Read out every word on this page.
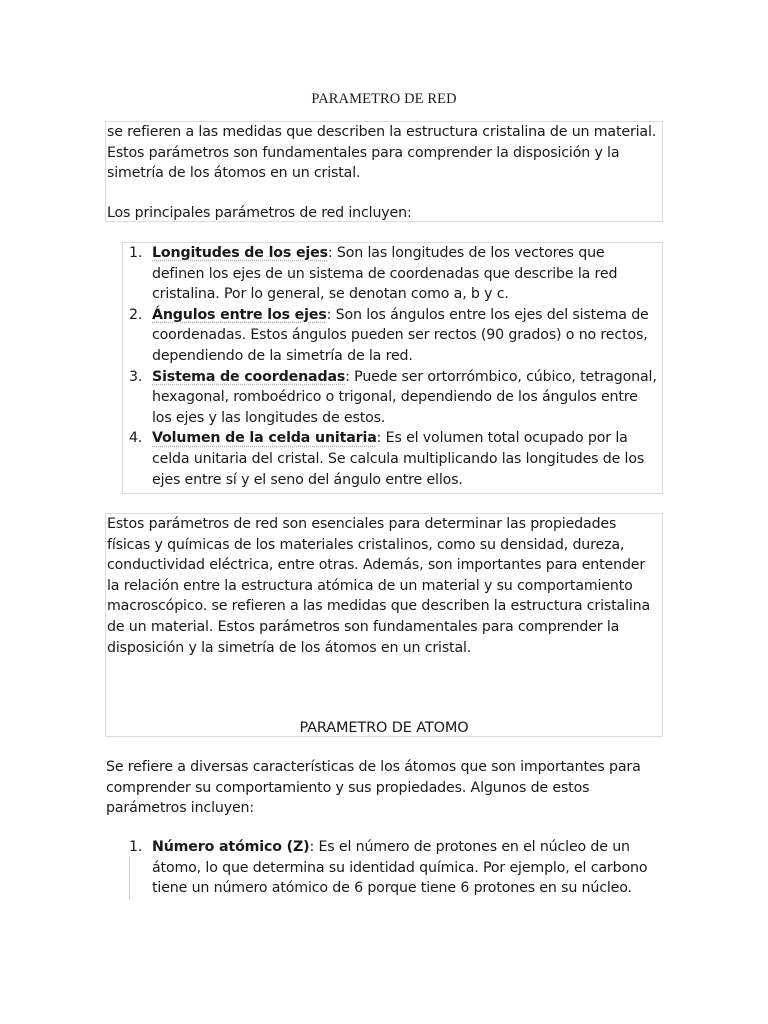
PARAMETRO DE RED

se refieren a las medidas que describen la estructura cristalina de un material. Estos parámetros son fundamentales para comprender la disposición y la simetría de los átomos en un cristal.

Los principales parámetros de red incluyen:

1. Longitudes de los ejes: Son las longitudes de los vectores que definen los ejes de un sistema de coordenadas que describe la red cristalina. Por lo general, se denotan como a, b y c.
2. Ángulos entre los ejes: Son los ángulos entre los ejes del sistema de coordenadas. Estos ángulos pueden ser rectos (90 grados) o no rectos, dependiendo de la simetría de la red.
3. Sistema de coordenadas: Puede ser ortorrómbico, cúbico, tetragonal, hexagonal, romboédrico o trigonal, dependiendo de los ángulos entre los ejes y las longitudes de estos.
4. Volumen de la celda unitaria: Es el volumen total ocupado por la celda unitaria del cristal. Se calcula multiplicando las longitudes de los ejes entre sí y el seno del ángulo entre ellos.

Estos parámetros de red son esenciales para determinar las propiedades físicas y químicas de los materiales cristalinos, como su densidad, dureza, conductividad eléctrica, entre otras. Además, son importantes para entender la relación entre la estructura atómica de un material y su comportamiento macroscópico. se refieren a las medidas que describen la estructura cristalina de un material. Estos parámetros son fundamentales para comprender la disposición y la simetría de los átomos en un cristal.

PARAMETRO DE ATOMO

Se refiere a diversas características de los átomos que son importantes para comprender su comportamiento y sus propiedades. Algunos de estos parámetros incluyen:

1. Número atómico (Z): Es el número de protones en el núcleo de un átomo, lo que determina su identidad química. Por ejemplo, el carbono tiene un número atómico de 6 porque tiene 6 protones en su núcleo.
